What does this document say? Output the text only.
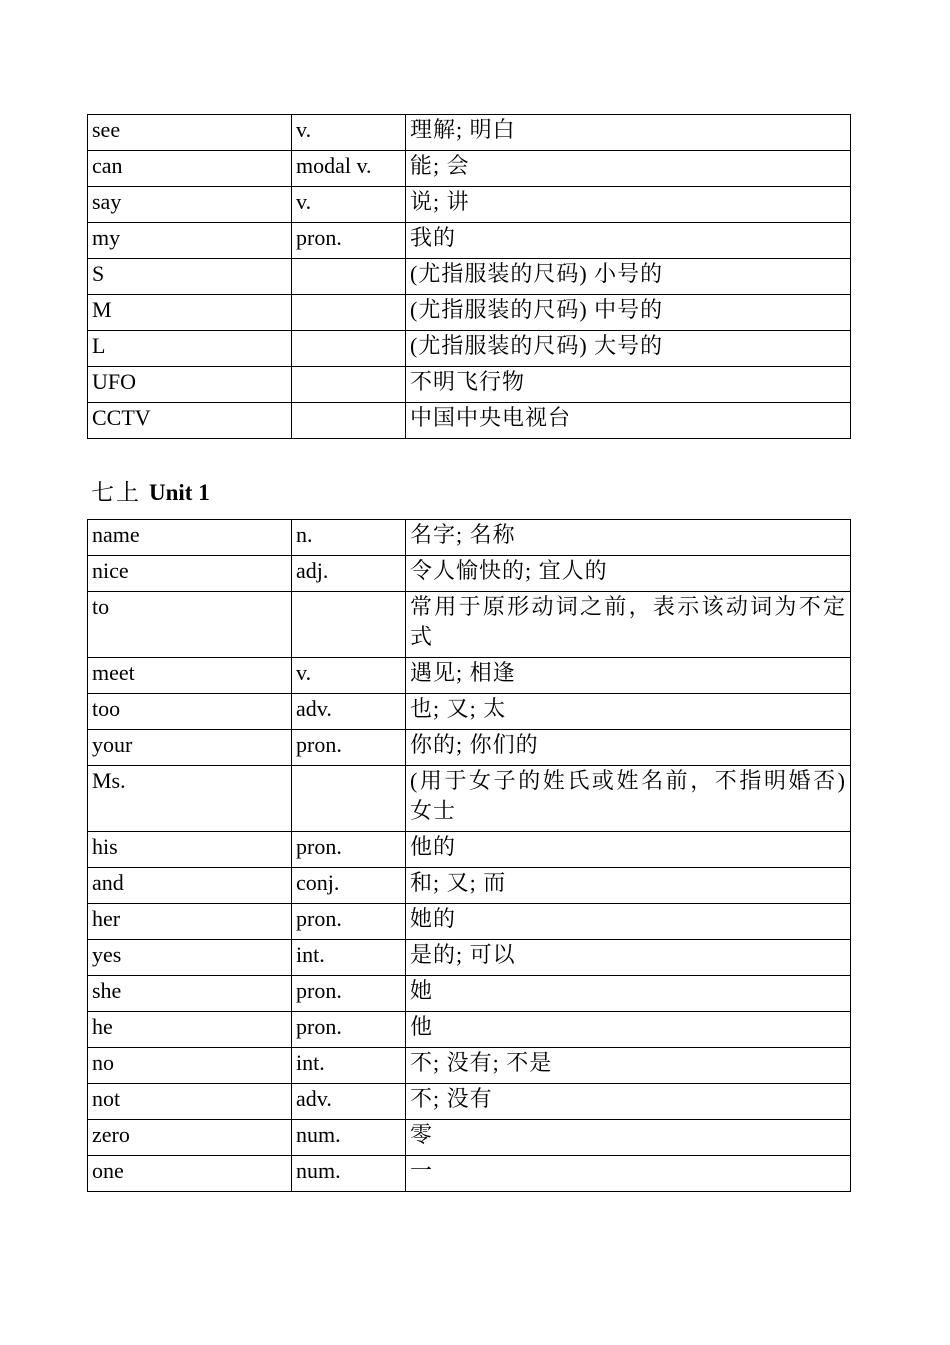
see	v.	理解; 明白
can	modal v.	能; 会
say	v.	说; 讲
my	pron.	我的
S		(尤指服装的尺码) 小号的
M		(尤指服装的尺码) 中号的
L		(尤指服装的尺码) 大号的
UFO		不明飞行物
CCTV		中国中央电视台
七上 Unit 1
name	n.	名字; 名称
nice	adj.	令人愉快的; 宜人的
to		常用于原形动词之前，表示该动词为不定式
meet	v.	遇见; 相逢
too	adv.	也; 又; 太
your	pron.	你的; 你们的
Ms.		(用于女子的姓氏或姓名前，不指明婚否) 女士
his	pron.	他的
and	conj.	和; 又; 而
her	pron.	她的
yes	int.	是的; 可以
she	pron.	她
he	pron.	他
no	int.	不; 没有; 不是
not	adv.	不; 没有
zero	num.	零
one	num.	一
